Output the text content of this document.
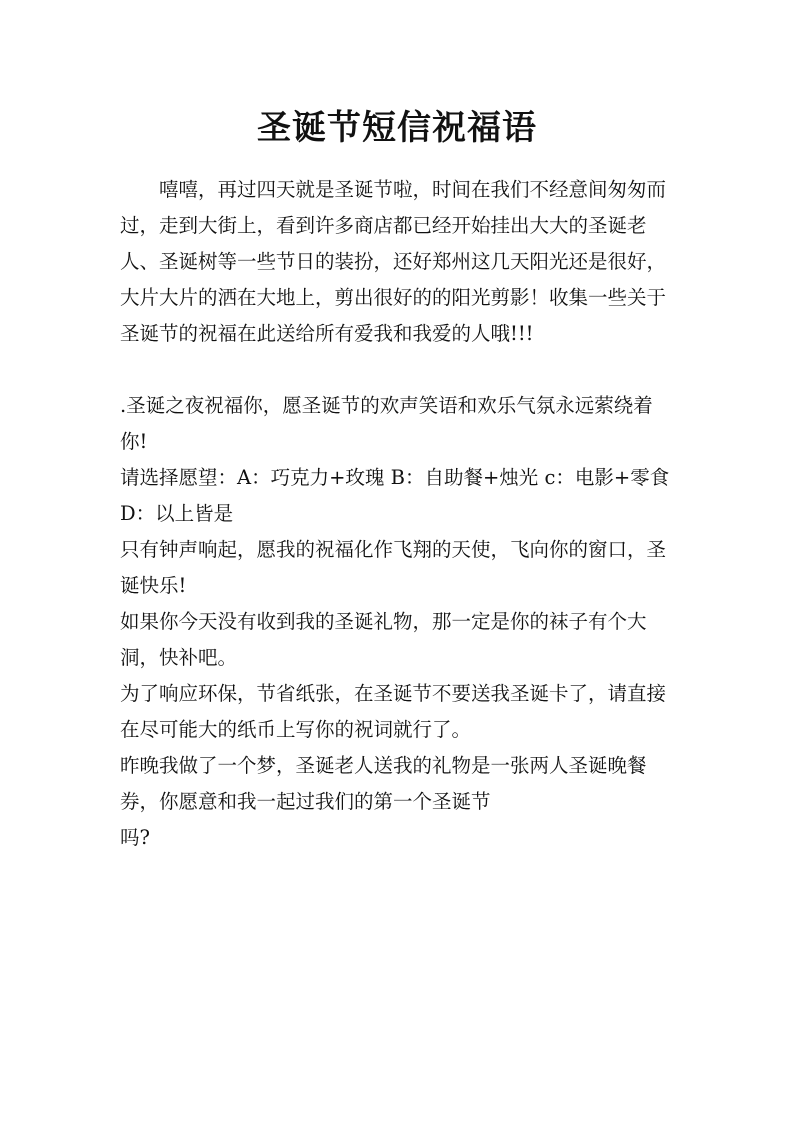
圣诞节短信祝福语

嘻嘻，再过四天就是圣诞节啦，时间在我们不经意间匆匆而过，走到大街上，看到许多商店都已经开始挂出大大的圣诞老人、圣诞树等一些节日的装扮，还好郑州这几天阳光还是很好，大片大片的洒在大地上，剪出很好的的阳光剪影！收集一些关于圣诞节的祝福在此送给所有爱我和我爱的人哦!!!

.圣诞之夜祝福你，愿圣诞节的欢声笑语和欢乐气氛永远萦绕着你!

请选择愿望：A：巧克力+玫瑰 B：自助餐+烛光 c：电影+零食 D：以上皆是

只有钟声响起，愿我的祝福化作飞翔的天使，飞向你的窗口，圣诞快乐!

如果你今天没有收到我的圣诞礼物，那一定是你的袜子有个大洞，快补吧。

为了响应环保，节省纸张，在圣诞节不要送我圣诞卡了，请直接在尽可能大的纸币上写你的祝词就行了。

昨晚我做了一个梦，圣诞老人送我的礼物是一张两人圣诞晚餐券，你愿意和我一起过我们的第一个圣诞节

吗?
